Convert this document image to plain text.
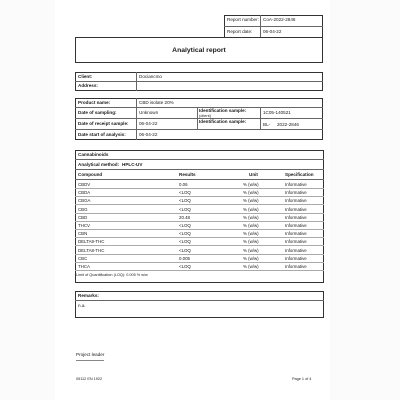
Report number: CoA-2022-2846
Report date: 06-04-22
Analytical report
Client:	Dociancmo
Address:
Product name:	CBD isolate 20%
Date of sampling:	Unknown	Identification sample:
(client)	1C05-140521
Date of receipt sample: 06-04-22	Identification sample:
BL- 2022-2846
Date start of analysis:	06-04-22
Cannabinoids
Analytical method: HPLC-UV
Compound	Results	Unit	Specification
CBDV	0.06	% (w/w)	Informative
CBDA	<LOQ	% (w/w)	Informative
CBGA	<LOQ	% (w/w)	Informative
CBG	<LOQ	% (w/w)	Informative
CBD	20.48	% (w/w)	Informative
THCV	<LOQ	% (w/w)	Informative
CBN	<LOQ	% (w/w)	Informative
DELTA9-THC	<LOQ	% (w/w)	Informative
DELTA8-THC	<LOQ	% (w/w)	Informative
CBC	0.005	% (w/w)	Informative
THCA	<LOQ	% (w/w)	Informative
Limit of Quantification (LOQ): 0.005 % w/w
Remarks:
n.a.
Project leader
05112 EN 1922	Page 1 of 4
